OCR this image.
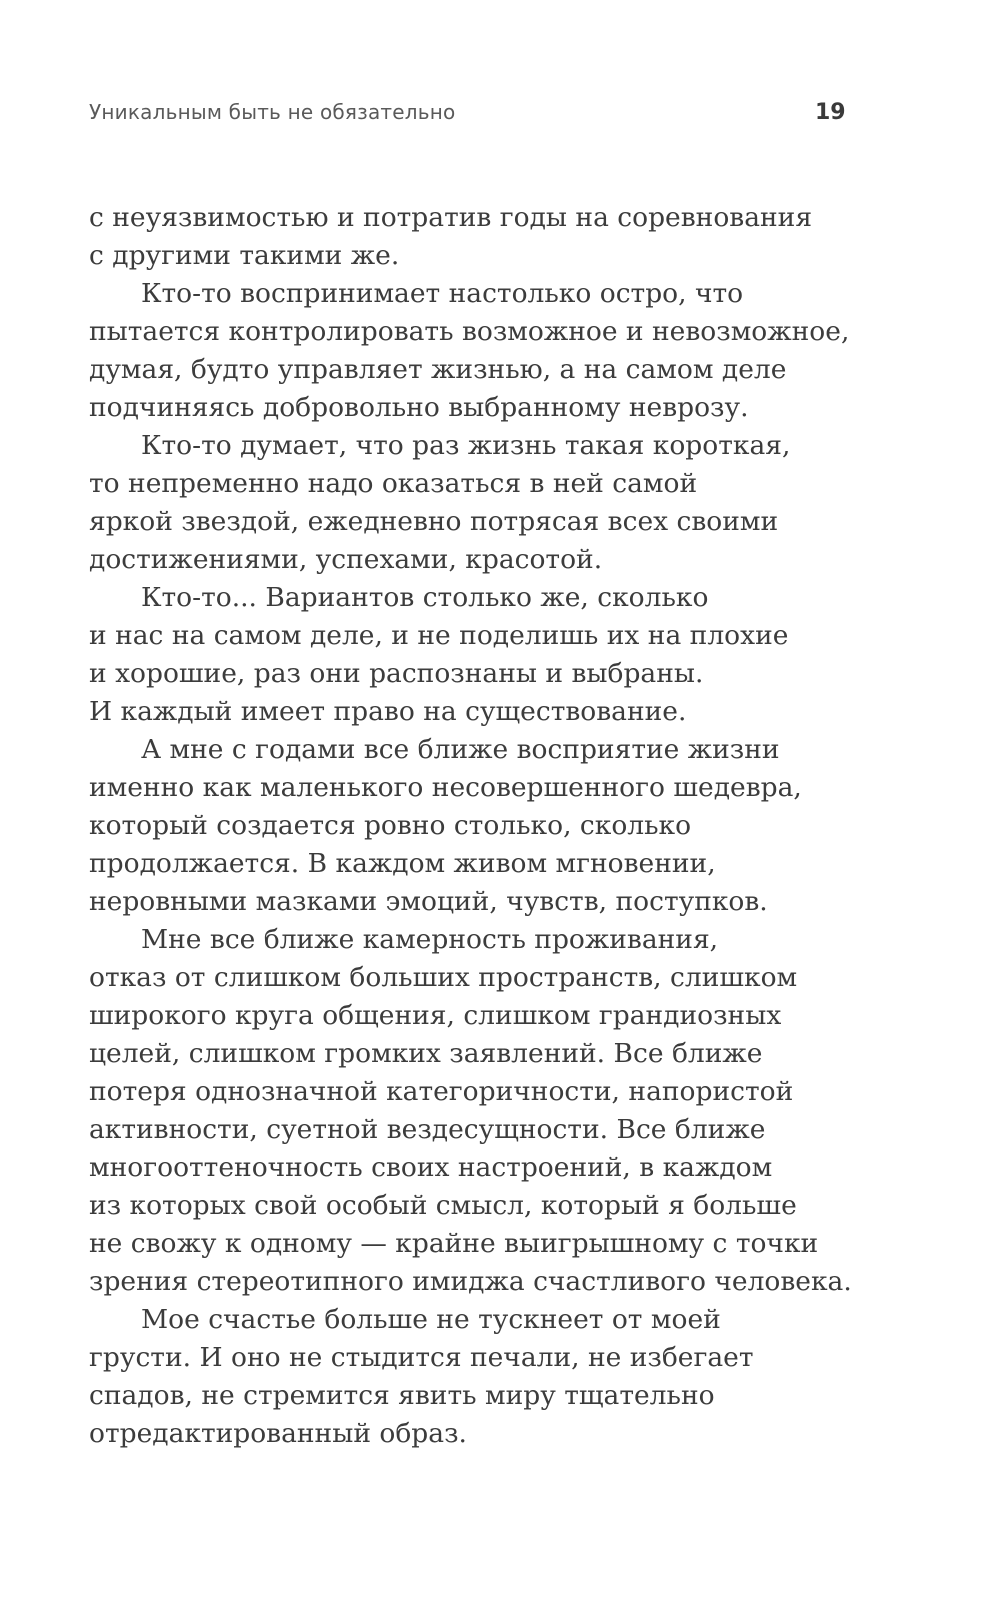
Уникальным быть не обязательно	19
с неуязвимостью и потратив годы на соревнования
с другими такими же.
Кто-то воспринимает настолько остро, что
пытается контролировать возможное и невозможное,
думая, будто управляет жизнью, а на самом деле
подчиняясь добровольно выбранному неврозу.
Кто-то думает, что раз жизнь такая короткая,
то непременно надо оказаться в ней самой
яркой звездой, ежедневно потрясая всех своими
достижениями, успехами, красотой.
Кто-то... Вариантов столько же, сколько
и нас на самом деле, и не поделишь их на плохие
и хорошие, раз они распознаны и выбраны.
И каждый имеет право на существование.
А мне с годами все ближе восприятие жизни
именно как маленького несовершенного шедевра,
который создается ровно столько, сколько
продолжается. В каждом живом мгновении,
неровными мазками эмоций, чувств, поступков.
Мне все ближе камерность проживания,
отказ от слишком больших пространств, слишком
широкого круга общения, слишком грандиозных
целей, слишком громких заявлений. Все ближе
потеря однозначной категоричности, напористой
активности, суетной вездесущности. Все ближе
многооттеночность своих настроений, в каждом
из которых свой особый смысл, который я больше
не свожу к одному — крайне выигрышному с точки
зрения стереотипного имиджа счастливого человека.
Мое счастье больше не тускнеет от моей
грусти. И оно не стыдится печали, не избегает
спадов, не стремится явить миру тщательно
отредактированный образ.
